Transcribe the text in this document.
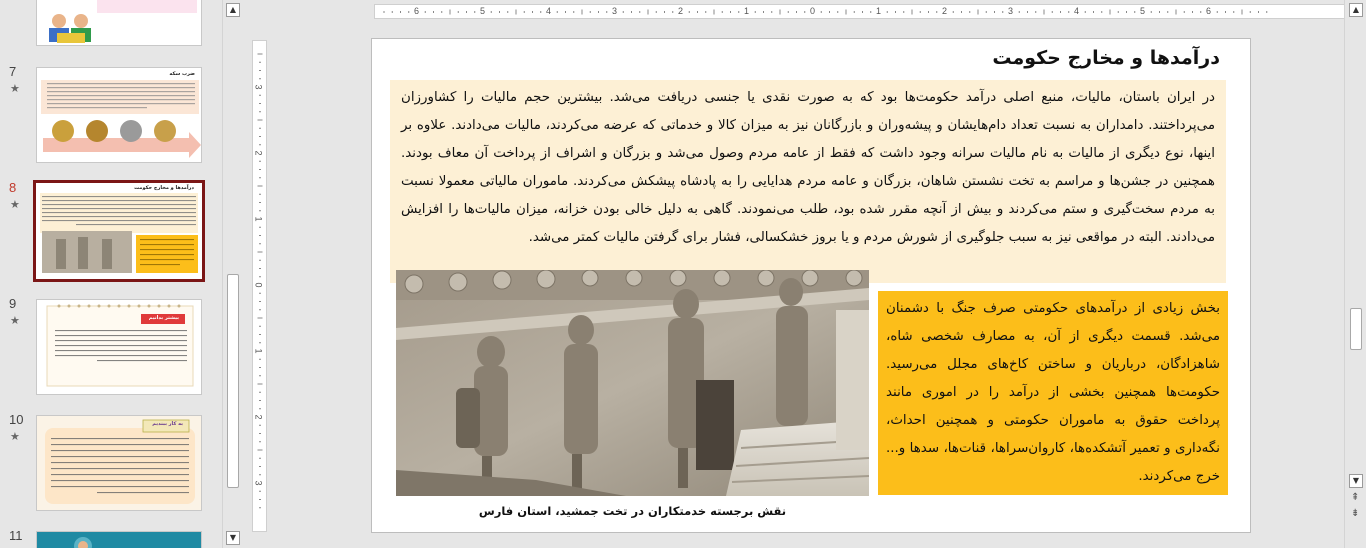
7
★
ضرب سکه
8
★
درآمدها و مخارج حکومت
9
★	بیشتر بدانیم
10
★
به کار ببندیم
11
▲
▼
6	5	4	3	2	1	0	1	2	3	4	5	6
3
2
1
0
1
2
3
درآمدها و مخارج حکومت
در ایران باستان، مالیات، منبع اصلی درآمد حکومت‌ها بود که به صورت نقدی یا جنسی دریافت می‌شد. بیشترین حجم مالیات را کشاورزان می‌پرداختند. دامداران به نسبت تعداد دام‌هایشان و پیشه‌وران و بازرگانان نیز به میزان کالا و خدماتی که عرضه می‌کردند، مالیات می‌دادند. علاوه بر اینها، نوع دیگری از مالیات به نام مالیات سرانه وجود داشت که فقط از عامه مردم وصول می‌شد و بزرگان و اشراف از پرداخت آن معاف بودند. همچنین در جشن‌ها و مراسم به تخت نشستن شاهان، بزرگان و عامه مردم هدایایی را به پادشاه پیشکش می‌کردند. ماموران مالیاتی معمولا نسبت به مردم سخت‌گیری و ستم می‌کردند و بیش از آنچه مقرر شده بود، طلب می‌نمودند. گاهی به دلیل خالی بودن خزانه، میزان مالیات‌ها را افزایش می‌دادند. البته در مواقعی نیز به سبب جلوگیری از شورش مردم و یا بروز خشکسالی، فشار برای گرفتن مالیات کمتر می‌شد.
بخش زیادی از درآمدهای حکومتی صرف جنگ با دشمنان می‌شد. قسمت دیگری از آن، به مصارف شخصی شاه، شاهزادگان، درباریان و ساختن کاخ‌های مجلل می‌رسید. حکومت‌ها همچنین بخشی از درآمد را در اموری مانند پرداخت حقوق به ماموران حکومتی و همچنین احداث، نگه‌داری و تعمیر آتشکده‌ها، کاروان‌سراها، قنات‌ها، سدها و... خرج می‌کردند.
نقش برجسته خدمتکاران در تخت جمشید، استان فارس
▲
▼
⇞
⇟
